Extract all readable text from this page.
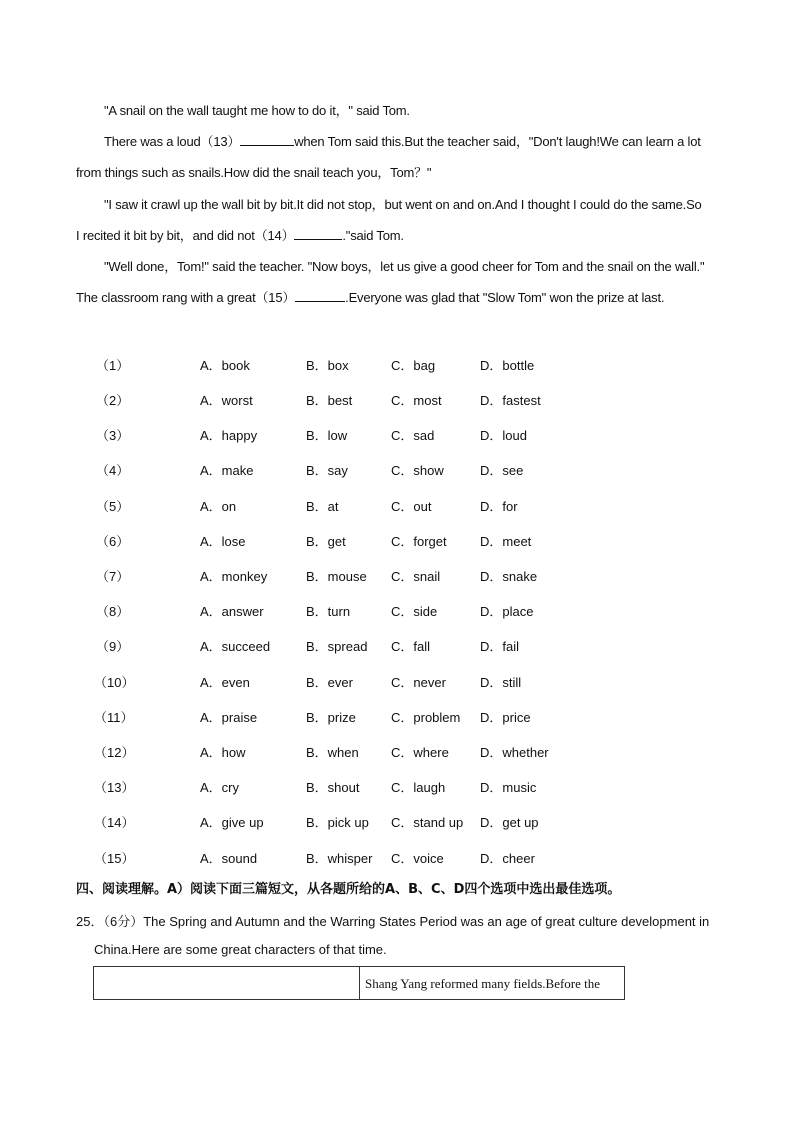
"A snail on the wall taught me how to do it，" said Tom.
There was a loud（13）	when Tom said this.But the teacher said，"Don't laugh!We can learn a lot
from things such as snails.How did the snail teach you，Tom？"
"I saw it crawl up the wall bit by bit.It did not stop，but went on and on.And I thought I could do the same.So
I recited it bit by bit，and did not（14）	."said Tom.
"Well done，Tom!" said the teacher. "Now boys，let us give a good cheer for Tom and the snail on the wall."
The classroom rang with a great（15）	.Everyone was glad that "Slow Tom" won the prize at last.
（1）	A．book	B．box	C．bag	D．bottle
（2）	A．worst	B．best	C．most	D．fastest
（3）	A．happy	B．low	C．sad	D．loud
（4）	A．make	B．say	C．show	D．see
（5）	A．on	B．at	C．out	D．for
（6）	A．lose	B．get	C．forget	D．meet
（7）	A．monkey	B．mouse C．snail	D．snake
（8）	A．answer	B．turn	C．side	D．place
（9）	A．succeed	B．spread C．fall	D．fail
（10）	A．even	B．ever	C．never	D．still
（11）	A．praise	B．prize	C．problem D．price
（12）	A．how	B．when C．where D．whether
（13）	A．cry	B．shout C．laugh	D．music
（14）	A．give up	B．pick up C．stand up D．get up
（15）	A．sound	B．whisper C．voice	D．cheer
四、阅读理解。A）阅读下面三篇短文，从各题所给的A、B、C、D四个选项中选出最佳选项。
25．（6分）The Spring and Autumn and the Warring States Period was an age of great culture development in
China.Here are some great characters of that time.
Shang Yang reformed many fields.Before the
